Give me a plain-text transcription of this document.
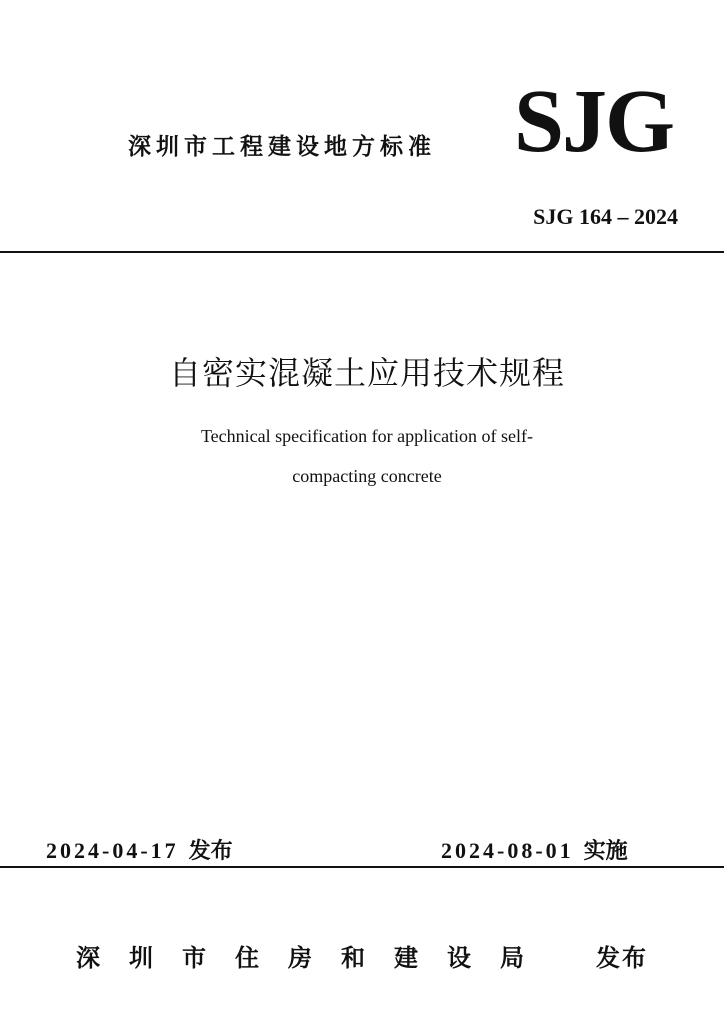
深圳市工程建设地方标准 SJG
SJG 164 – 2024
自密实混凝土应用技术规程
Technical specification for application of self-
compacting concrete
2024-04-17 发布	2024-08-01 实施
深圳市住房和建设局 发布
